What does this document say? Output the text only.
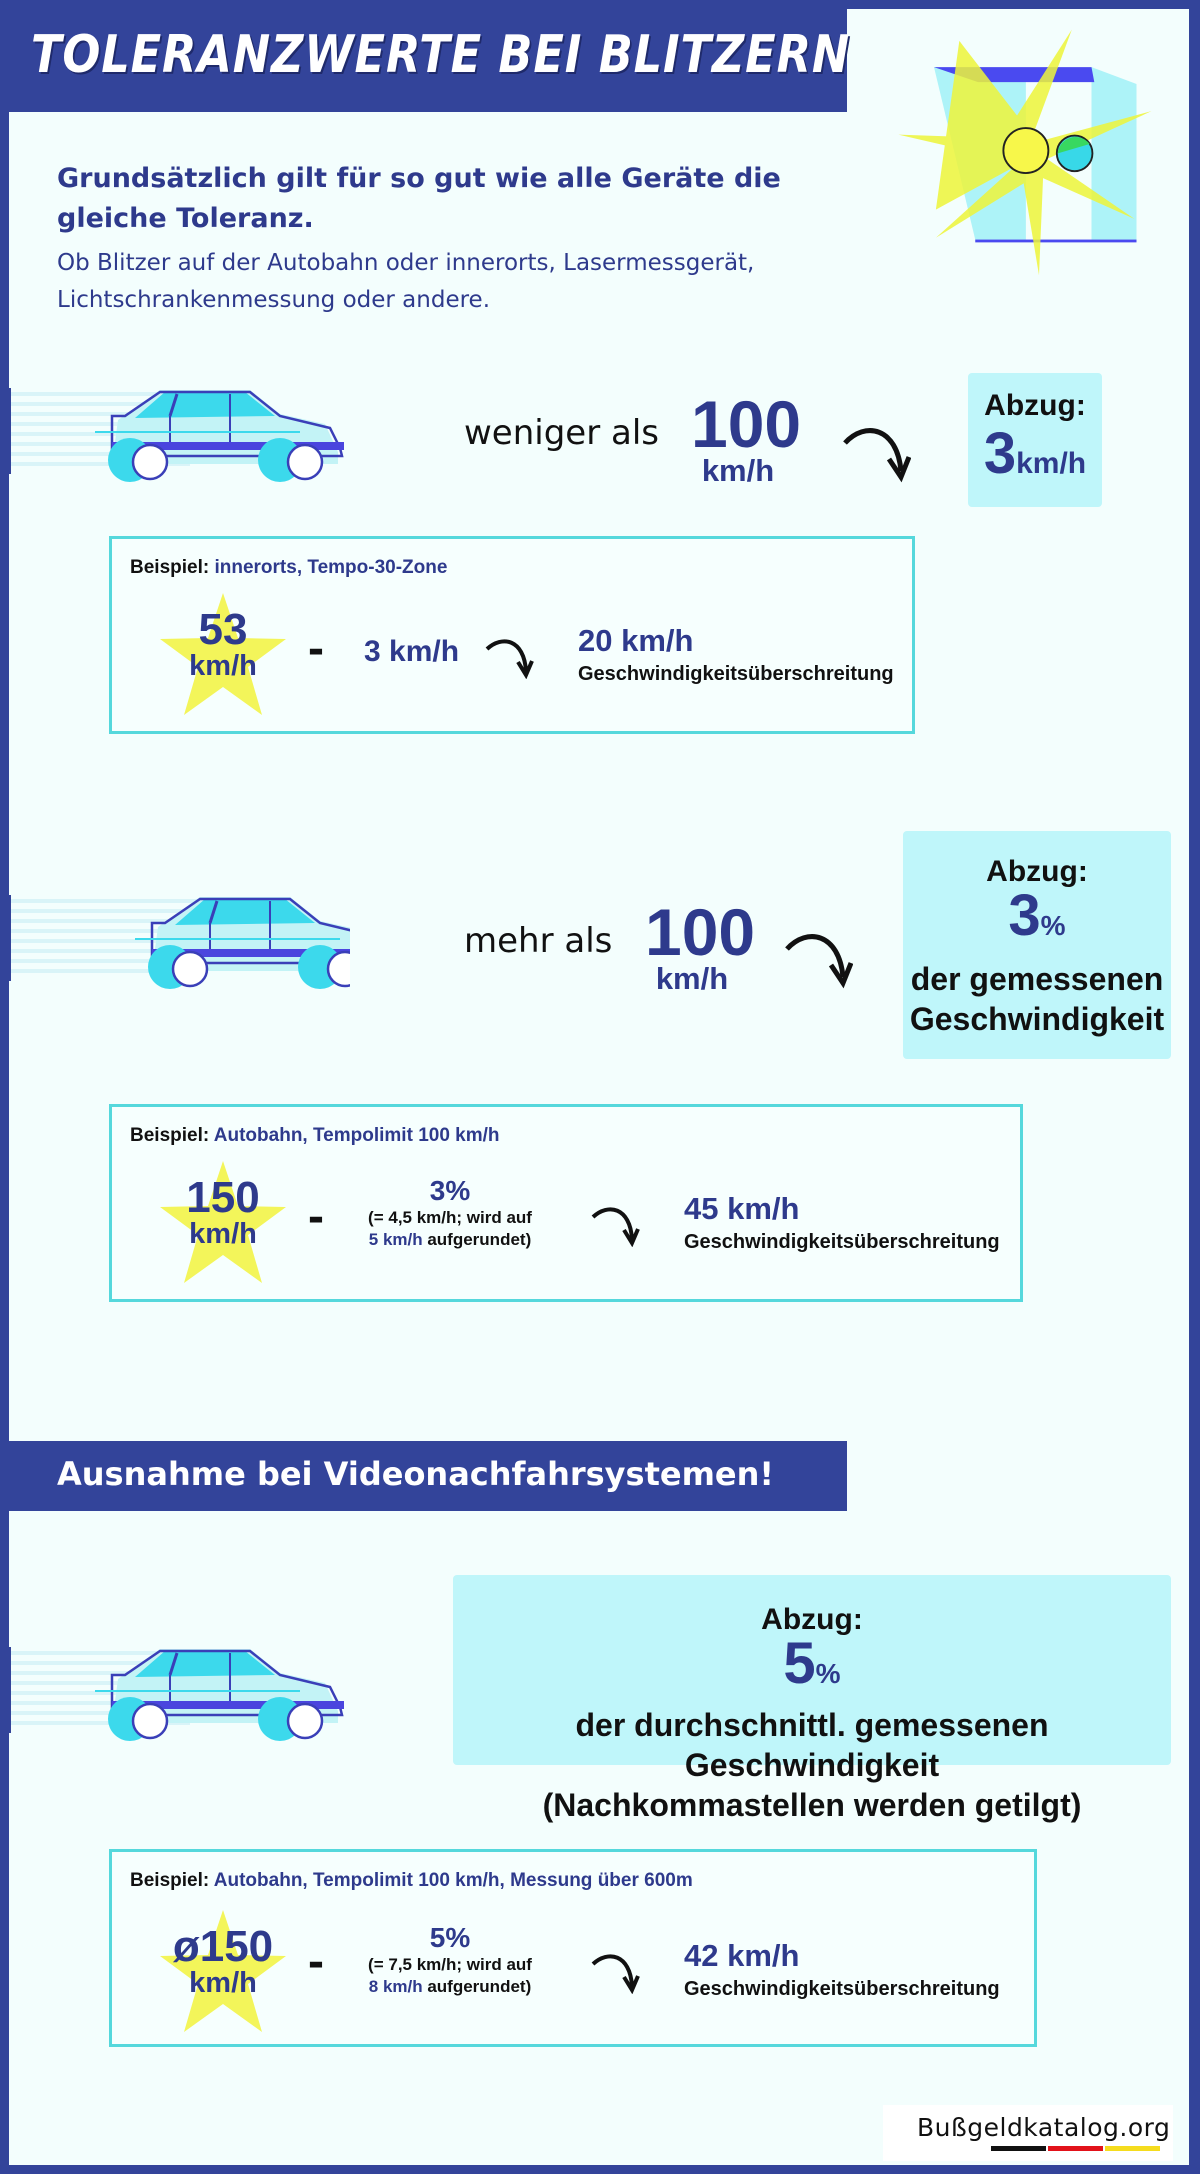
TOLERANZWERTE BEI BLITZERN
Grundsätzlich gilt für so gut wie alle Geräte die
gleiche Toleranz.
Ob Blitzer auf der Autobahn oder innerorts, Lasermessgerät,
Lichtschrankenmessung oder andere.
weniger als 100
km/h
Abzug:
3km/h
Beispiel: innerorts, Tempo-30-Zone
53
km/h	- 3 km/h	20 km/h
Geschwindigkeitsüberschreitung
mehr als 100
km/h
Abzug:
3%
der gemessenen
Geschwindigkeit
Beispiel: Autobahn, Tempolimit 100 km/h
150
km/h	-	3%
(= 4,5 km/h; wird auf
5 km/h aufgerundet)
45 km/h
Geschwindigkeitsüberschreitung
Ausnahme bei Videonachfahrsystemen!
Abzug:
5%
der durchschnittl. gemessenen Geschwindigkeit
(Nachkommastellen werden getilgt)
Beispiel: Autobahn, Tempolimit 100 km/h, Messung über 600m
ø150
km/h	-	5%
(= 7,5 km/h; wird auf
8 km/h aufgerundet)
42 km/h
Geschwindigkeitsüberschreitung
Bußgeldkatalog.org
